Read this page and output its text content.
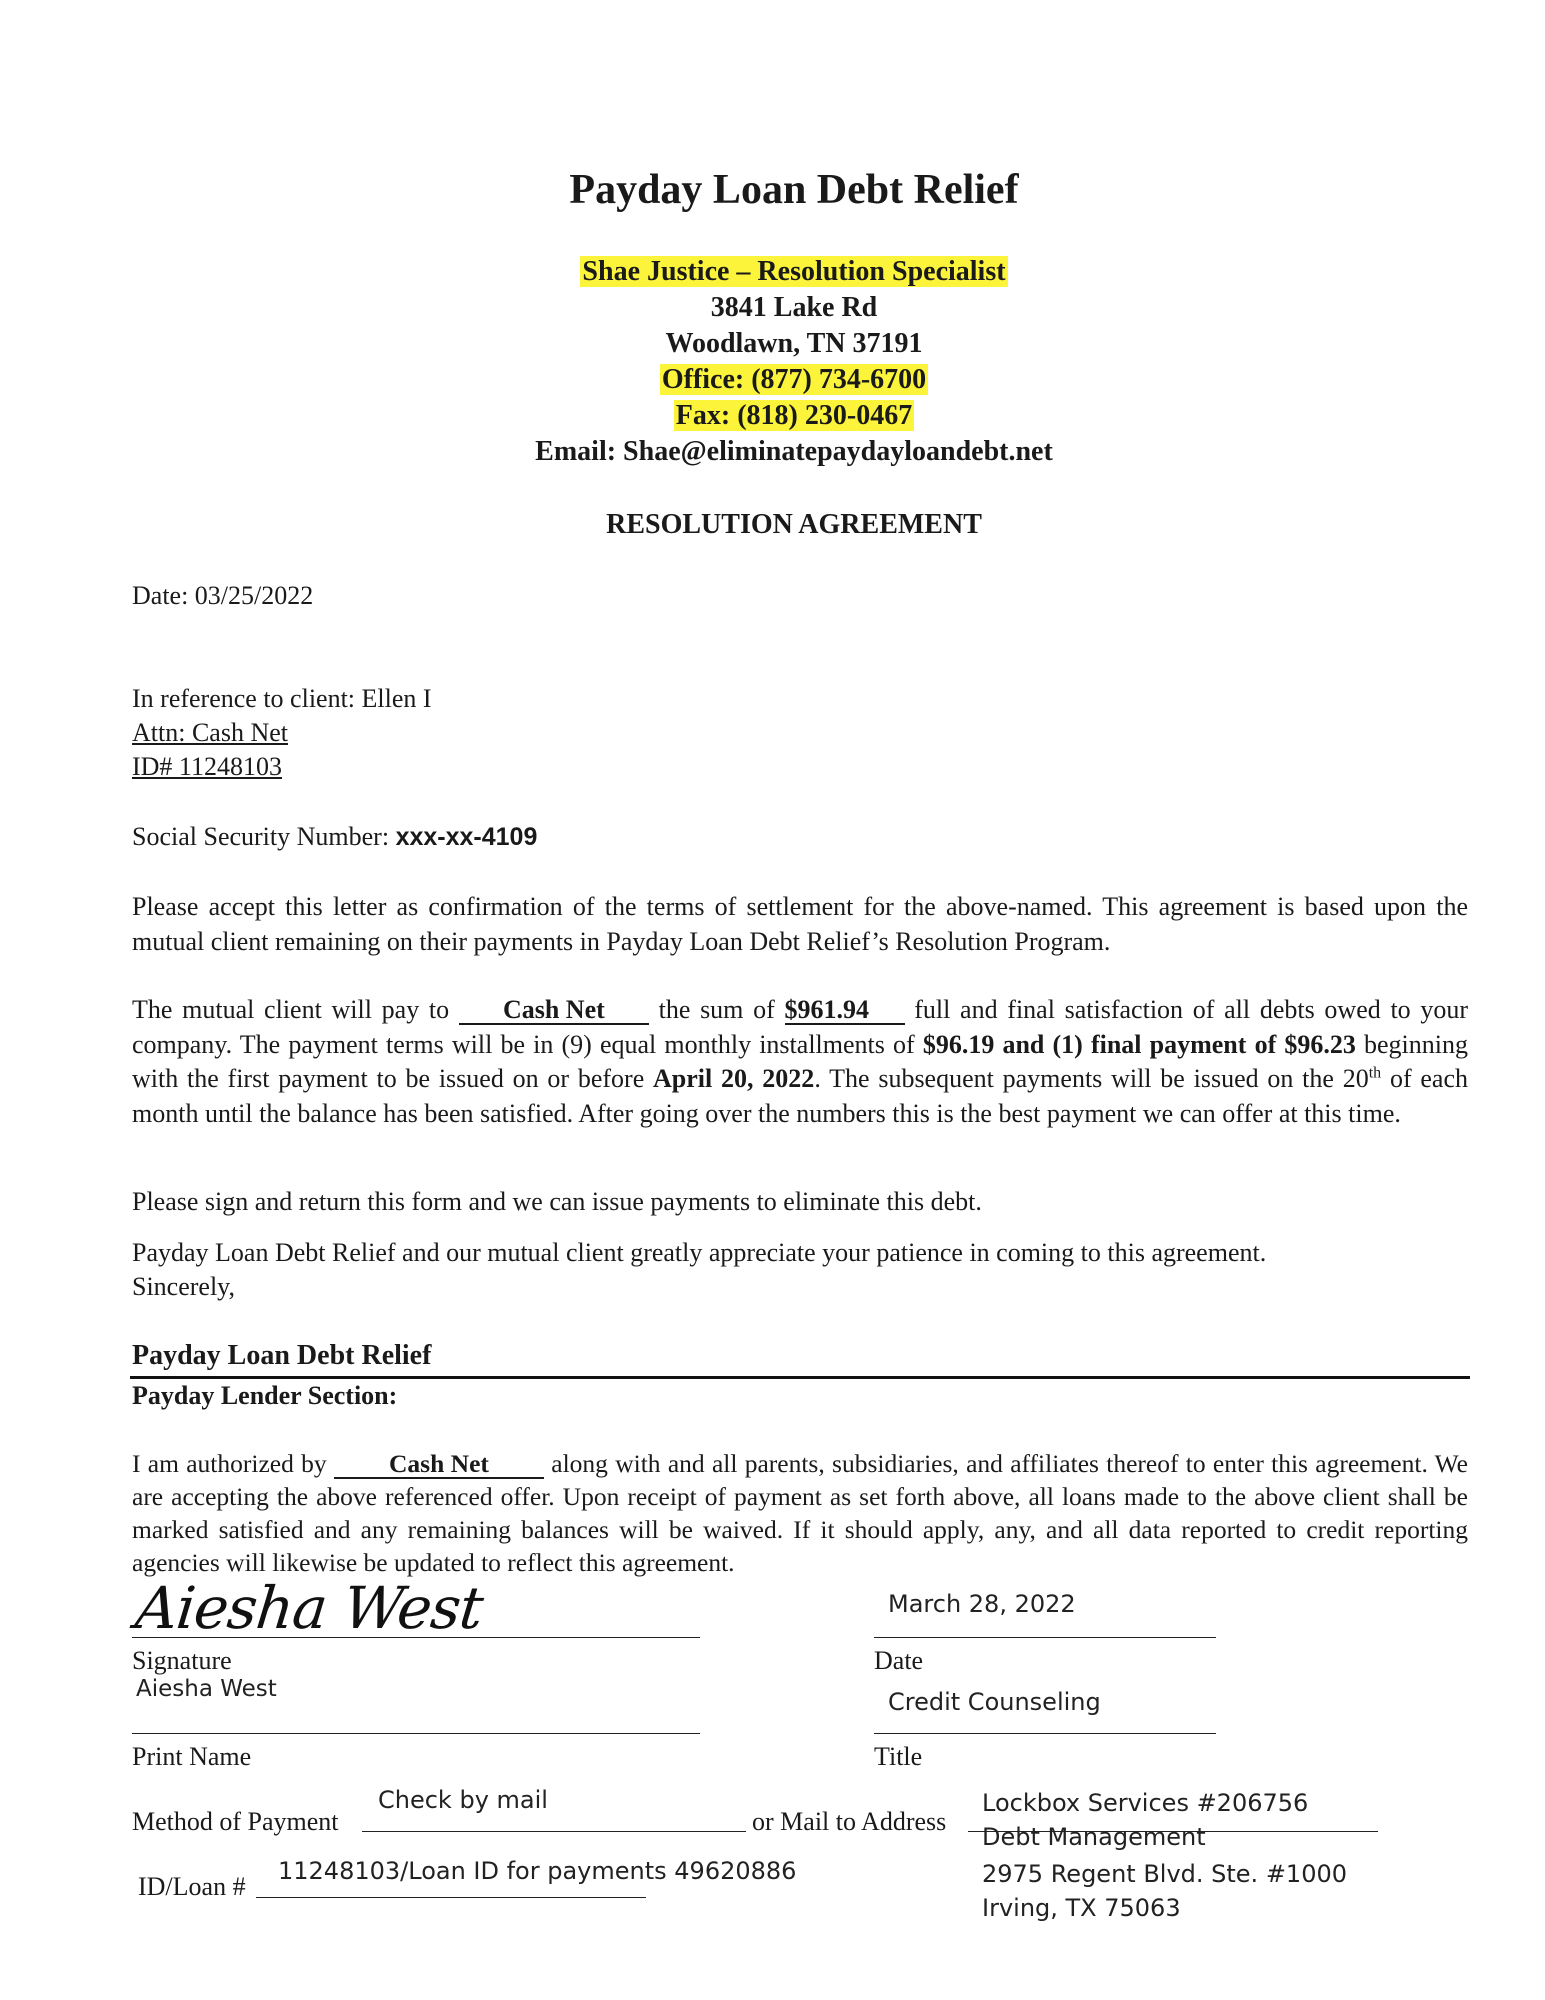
Payday Loan Debt Relief
Shae Justice – Resolution Specialist
3841 Lake Rd
Woodlawn, TN 37191
Office: (877) 734-6700
Fax: (818) 230-0467
Email: Shae@eliminatepaydayloandebt.net
RESOLUTION AGREEMENT
Date: 03/25/2022
In reference to client: Ellen I
Attn: Cash Net
ID# 11248103
Social Security Number: xxx-xx-4109
Please accept this letter as confirmation of the terms of settlement for the above-named. This agreement is based upon the mutual client remaining on their payments in Payday Loan Debt Relief’s Resolution Program.
The mutual client will pay to Cash Net the sum of $961.94 full and final satisfaction of all debts owed to your company. The payment terms will be in (9) equal monthly installments of $96.19 and (1) final payment of $96.23 beginning with the first payment to be issued on or before April 20, 2022. The subsequent payments will be issued on the 20th of each month until the balance has been satisfied. After going over the numbers this is the best payment we can offer at this time.
Please sign and return this form and we can issue payments to eliminate this debt.
Payday Loan Debt Relief and our mutual client greatly appreciate your patience in coming to this agreement.
Sincerely,
Payday Loan Debt Relief
Payday Lender Section:
I am authorized by Cash Net along with and all parents, subsidiaries, and affiliates thereof to enter this agreement. We are accepting the above referenced offer. Upon receipt of payment as set forth above, all loans made to the above client shall be marked satisfied and any remaining balances will be waived. If it should apply, any, and all data reported to credit reporting agencies will likewise be updated to reflect this agreement.
Aiesha West
Signature
March 28, 2022
Date
Aiesha West
Print Name
Credit Counseling
Title
Method of Payment
Check by mail
or Mail to Address
Lockbox Services #206756
Debt Management
2975 Regent Blvd. Ste. #1000
Irving, TX 75063
ID/Loan #
11248103/Loan ID for payments 49620886
